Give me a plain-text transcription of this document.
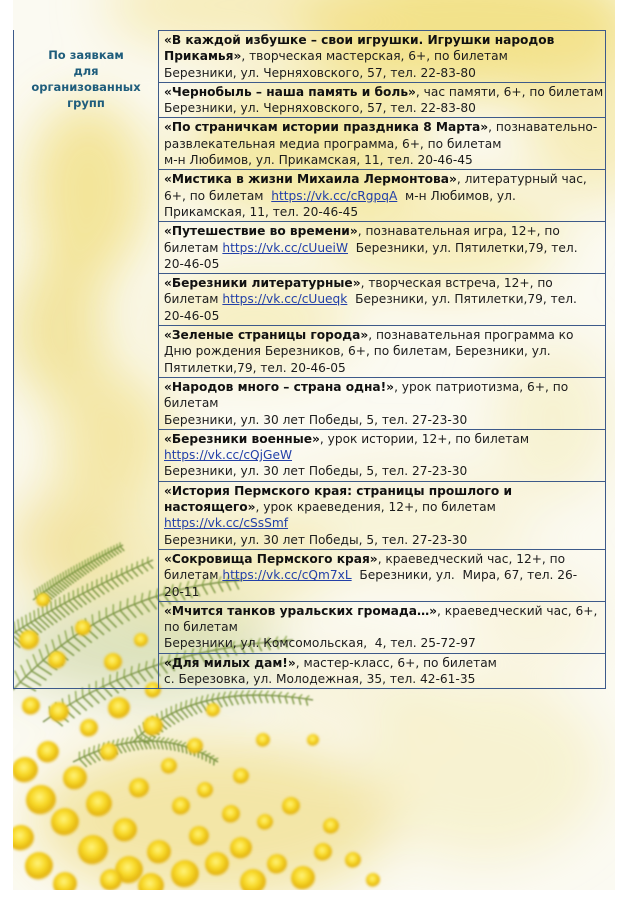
По заявкам
для
организованных
групп
«В каждой избушке – свои игрушки. Игрушки народов
Прикамья», творческая мастерская, 6+, по билетам
Березники, ул. Черняховского, 57, тел. 22-83-80
«Чернобыль – наша память и боль», час памяти, 6+, по билетам
Березники, ул. Черняховского, 57, тел. 22-83-80
«По страничкам истории праздника 8 Марта», познавательно-
развлекательная медиа программа, 6+, по билетам
м-н Любимов, ул. Прикамская, 11, тел. 20-46-45
«Мистика в жизни Михаила Лермонтова», литературный час,
6+, по билетам  https://vk.cc/cRgpqA  м-н Любимов, ул.
Прикамская, 11, тел. 20-46-45
«Путешествие во времени», познавательная игра, 12+, по
билетам https://vk.cc/cUueiW  Березники, ул. Пятилетки,79, тел.
20-46-05
«Березники литературные», творческая встреча, 12+, по
билетам https://vk.cc/cUueqk  Березники, ул. Пятилетки,79, тел.
20-46-05
«Зеленые страницы города», познавательная программа ко
Дню рождения Березников, 6+, по билетам, Березники, ул.
Пятилетки,79, тел. 20-46-05
«Народов много – страна одна!», урок патриотизма, 6+, по
билетам
Березники, ул. 30 лет Победы, 5, тел. 27-23-30
«Березники военные», урок истории, 12+, по билетам
https://vk.cc/cQjGeW
Березники, ул. 30 лет Победы, 5, тел. 27-23-30
«История Пермского края: страницы прошлого и
настоящего», урок краеведения, 12+, по билетам
https://vk.cc/cSsSmf
Березники, ул. 30 лет Победы, 5, тел. 27-23-30
«Сокровища Пермского края», краеведческий час, 12+, по
билетам https://vk.cc/cQm7xL  Березники, ул.  Мира, 67, тел. 26-
20-11
«Мчится танков уральских громада…», краеведческий час, 6+,
по билетам
Березники, ул. Комсомольская,  4, тел. 25-72-97
«Для милых дам!», мастер-класс, 6+, по билетам
с. Березовка, ул. Молодежная, 35, тел. 42-61-35
